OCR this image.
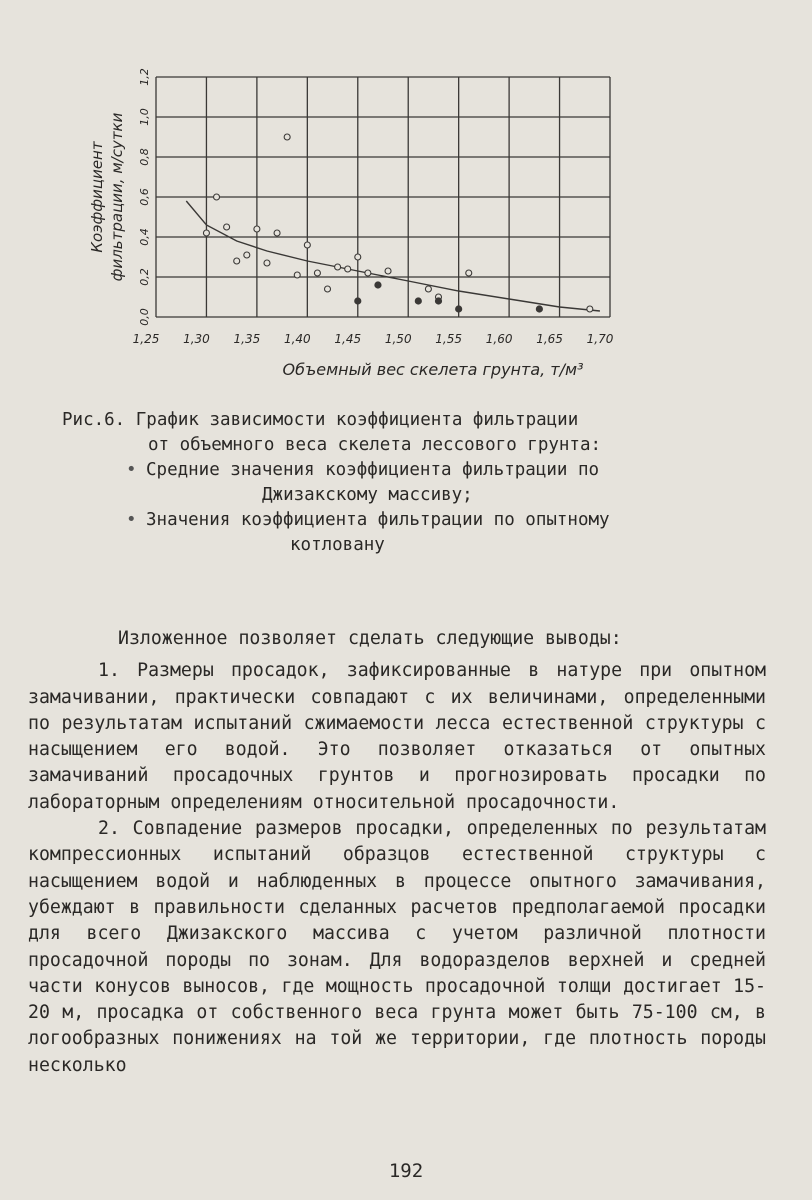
1,25 1,30 1,35 1,40 1,45 1,50 1,55 1,60 1,65 1,70
0,0
0,2
0,4
0,6
0,8
1,0
1,2
Объемный вес скелета грунта, т/м³
Коэффициент фильтрации, м/сутки
Рис.6. График зависимости коэффициента фильтрации
от объемного веса скелета лессового грунта:
• Средние значения коэффициента фильтрации по
Джизакскому массиву;
• Значения коэффициента фильтрации по опытному
котловану
Изложенное позволяет сделать следующие выводы:

1. Размеры просадок, зафиксированные в натуре при опытном замачивании, практически совпадают с их величинами, определенными по результатам испытаний сжимаемости лесса естественной структуры с насыщением его водой. Это позволяет отказаться от опытных замачиваний просадочных грунтов и прогнозировать просадки по лабораторным определениям относительной просадочности.

2. Совпадение размеров просадки, определенных по результатам компрессионных испытаний образцов естественной структуры с насыщением водой и наблюденных в процессе опытного замачивания, убеждают в правильности сделанных расчетов предполагаемой просадки для всего Джизакского массива с учетом различной плотности просадочной породы по зонам. Для водоразделов верхней и средней части конусов выносов, где мощность просадочной толщи достигает 15-20 м, просадка от собственного веса грунта может быть 75-100 см, в логообразных понижениях на той же территории, где плотность породы несколько

192
